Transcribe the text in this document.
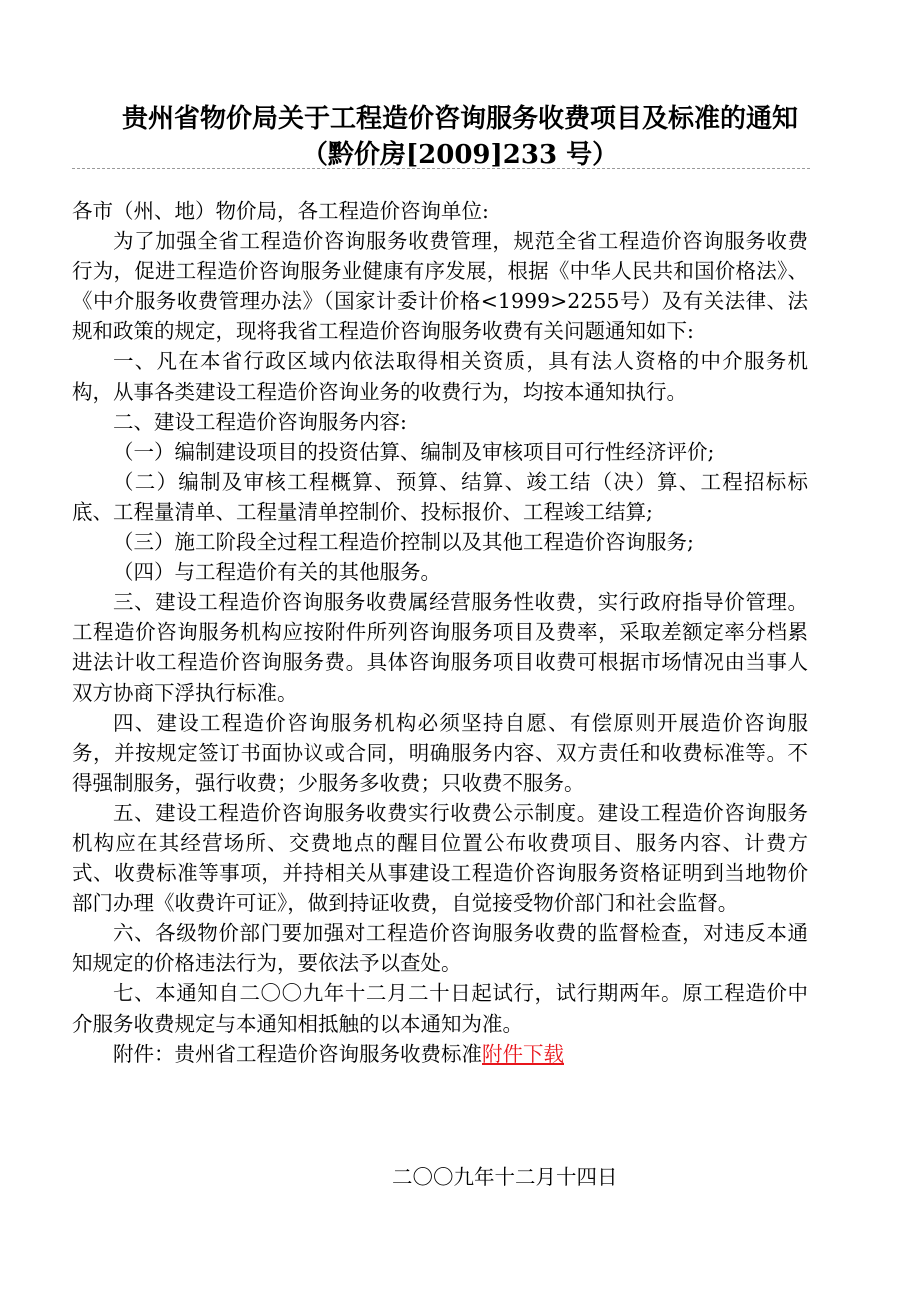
贵州省物价局关于工程造价咨询服务收费项目及标准的通知
（黔价房[2009]233 号）

各市（州、地）物价局，各工程造价咨询单位:

为了加强全省工程造价咨询服务收费管理，规范全省工程造价咨询服务收费行为，促进工程造价咨询服务业健康有序发展，根据《中华人民共和国价格法》、《中介服务收费管理办法》（国家计委计价格<1999>2255号）及有关法律、法规和政策的规定，现将我省工程造价咨询服务收费有关问题通知如下:

一、凡在本省行政区域内依法取得相关资质，具有法人资格的中介服务机构，从事各类建设工程造价咨询业务的收费行为，均按本通知执行。

二、建设工程造价咨询服务内容:

（一）编制建设项目的投资估算、编制及审核项目可行性经济评价;

（二）编制及审核工程概算、预算、结算、竣工结（决）算、工程招标标底、工程量清单、工程量清单控制价、投标报价、工程竣工结算;

（三）施工阶段全过程工程造价控制以及其他工程造价咨询服务;

（四）与工程造价有关的其他服务。

三、建设工程造价咨询服务收费属经营服务性收费，实行政府指导价管理。工程造价咨询服务机构应按附件所列咨询服务项目及费率，采取差额定率分档累进法计收工程造价咨询服务费。具体咨询服务项目收费可根据市场情况由当事人双方协商下浮执行标准。

四、建设工程造价咨询服务机构必须坚持自愿、有偿原则开展造价咨询服务，并按规定签订书面协议或合同，明确服务内容、双方责任和收费标准等。不得强制服务，强行收费；少服务多收费；只收费不服务。

五、建设工程造价咨询服务收费实行收费公示制度。建设工程造价咨询服务机构应在其经营场所、交费地点的醒目位置公布收费项目、服务内容、计费方式、收费标准等事项，并持相关从事建设工程造价咨询服务资格证明到当地物价部门办理《收费许可证》，做到持证收费，自觉接受物价部门和社会监督。

六、各级物价部门要加强对工程造价咨询服务收费的监督检查，对违反本通知规定的价格违法行为，要依法予以查处。

七、本通知自二〇〇九年十二月二十日起试行，试行期两年。原工程造价中介服务收费规定与本通知相抵触的以本通知为准。

附件：贵州省工程造价咨询服务收费标准附件下载

二〇〇九年十二月十四日
